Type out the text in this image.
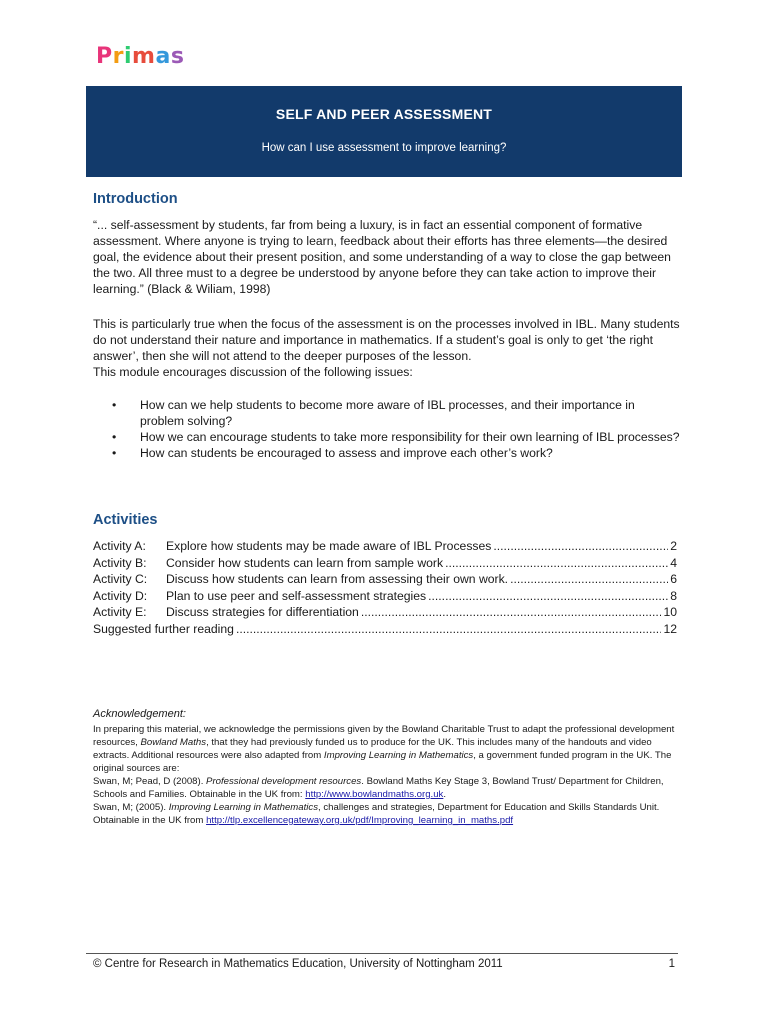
Primas
SELF AND PEER ASSESSMENT
How can I use assessment to improve learning?
Introduction
“... self-assessment by students, far from being a luxury, is in fact an essential component of formative assessment. Where anyone is trying to learn, feedback about their efforts has three elements—the desired goal, the evidence about their present position, and some understanding of a way to close the gap between the two. All three must to a degree be understood by anyone before they can take action to improve their learning.” (Black & Wiliam, 1998)
This is particularly true when the focus of the assessment is on the processes involved in IBL. Many students do not understand their nature and importance in mathematics. If a student’s goal is only to get ‘the right answer’, then she will not attend to the deeper purposes of the lesson.
This module encourages discussion of the following issues:
• How can we help students to become more aware of IBL processes, and their importance in problem solving?
• How we can encourage students to take more responsibility for their own learning of IBL processes?
• How can students be encouraged to assess and improve each other’s work?
Activities
Activity A:	Explore how students may be made aware of IBL Processes .....	2
Activity B:	Consider how students can learn from sample work .....	4
Activity C:	Discuss how students can learn from assessing their own work. .....	6
Activity D:	Plan to use peer and self-assessment strategies .....	8
Activity E:	Discuss strategies for differentiation .....	10
Suggested further reading .....	12
Acknowledgement:
In preparing this material, we acknowledge the permissions given by the Bowland Charitable Trust to adapt the professional development resources, Bowland Maths, that they had previously funded us to produce for the UK. This includes many of the handouts and video extracts. Additional resources were also adapted from Improving Learning in Mathematics, a government funded program in the UK. The original sources are:
Swan, M; Pead, D (2008). Professional development resources. Bowland Maths Key Stage 3, Bowland Trust/ Department for Children, Schools and Families. Obtainable in the UK from: http://www.bowlandmaths.org.uk.
Swan, M; (2005). Improving Learning in Mathematics, challenges and strategies, Department for Education and Skills Standards Unit. Obtainable in the UK from http://tlp.excellencegateway.org.uk/pdf/Improving_learning_in_maths.pdf
© Centre for Research in Mathematics Education, University of Nottingham 2011	1
